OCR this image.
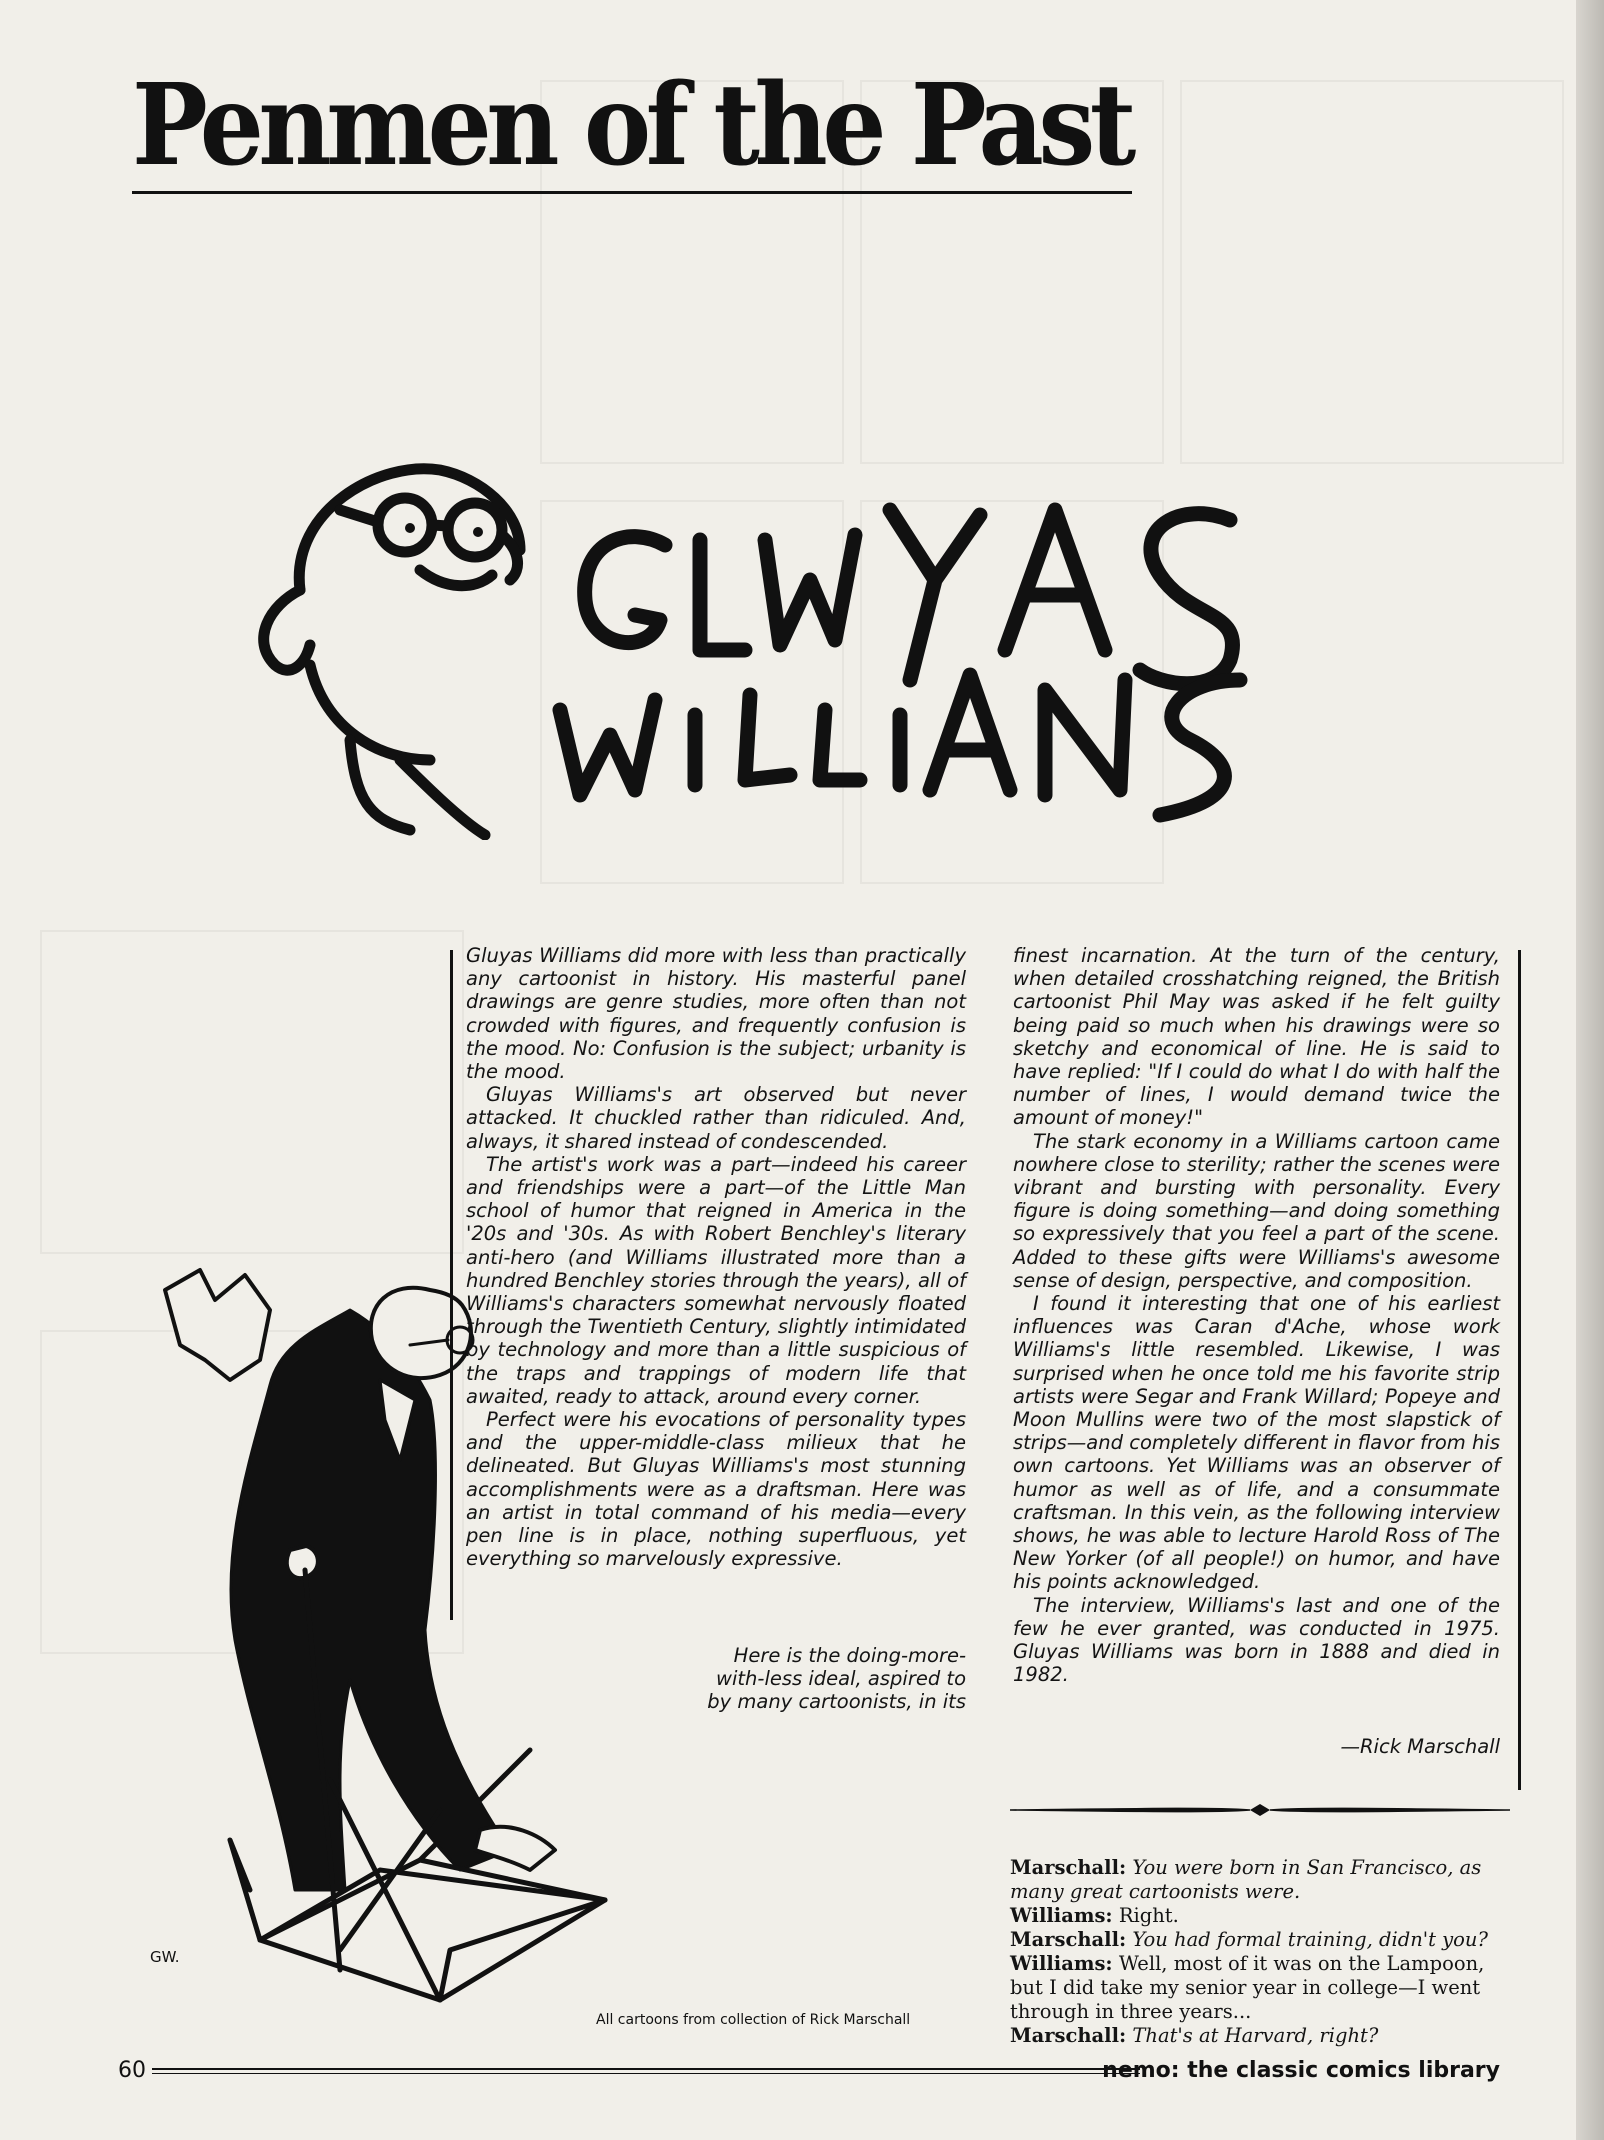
Penmen of the Past
GW.
All cartoons from collection of Rick Marschall

Gluyas Williams did more with less than practically any cartoonist in history. His masterful panel drawings are genre studies, more often than not crowded with figures, and frequently confusion is the mood. No: Confusion is the subject; urbanity is the mood.

Gluyas Williams's art observed but never attacked. It chuckled rather than ridiculed. And, always, it shared instead of condescended.

The artist's work was a part—indeed his career and friendships were a part—of the Little Man school of humor that reigned in America in the '20s and '30s. As with Robert Benchley's literary anti-hero (and Williams illustrated more than a hundred Benchley stories through the years), all of Williams's characters somewhat nervously floated through the Twentieth Century, slightly intimidated by technology and more than a little suspicious of the traps and trappings of modern life that awaited, ready to attack, around every corner.

Perfect were his evocations of personality types and the upper-middle-class milieux that he delineated. But Gluyas Williams's most stunning accomplishments were as a draftsman. Here was an artist in total command of his media—every pen line is in place, nothing superfluous, yet everything so marvelously expressive.

Here is the doing-more-
with-less ideal, aspired to
by many cartoonists, in its

finest incarnation. At the turn of the century, when detailed crosshatching reigned, the British cartoonist Phil May was asked if he felt guilty being paid so much when his drawings were so sketchy and economical of line. He is said to have replied: "If I could do what I do with half the number of lines, I would demand twice the amount of money!"

The stark economy in a Williams cartoon came nowhere close to sterility; rather the scenes were vibrant and bursting with personality. Every figure is doing something—and doing something so expressively that you feel a part of the scene. Added to these gifts were Williams's awesome sense of design, perspective, and composition.

I found it interesting that one of his earliest influences was Caran d'Ache, whose work Williams's little resembled. Likewise, I was surprised when he once told me his favorite strip artists were Segar and Frank Willard; Popeye and Moon Mullins were two of the most slapstick of strips—and completely different in flavor from his own cartoons. Yet Williams was an observer of humor as well as of life, and a consummate craftsman. In this vein, as the following interview shows, he was able to lecture Harold Ross of The New Yorker (of all people!) on humor, and have his points acknowledged.

The interview, Williams's last and one of the few he ever granted, was conducted in 1975. Gluyas Williams was born in 1888 and died in 1982.

—Rick Marschall

Marschall: You were born in San Francisco, as many great cartoonists were.

Williams: Right.

Marschall: You had formal training, didn't you?

Williams: Well, most of it was on the Lampoon, but I did take my senior year in college—I went through in three years...

Marschall: That's at Harvard, right?

60	nemo: the classic comics library
